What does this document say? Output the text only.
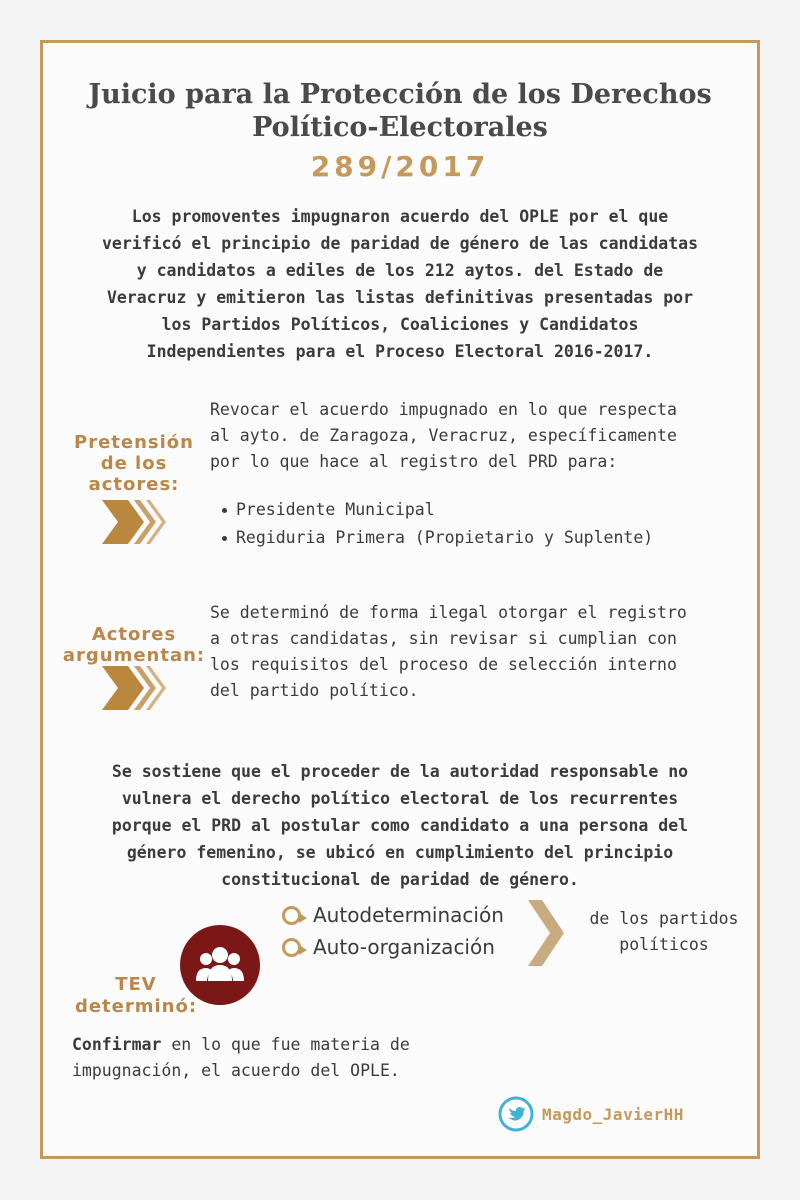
Juicio para la Protección de los Derechos
Político-Electorales
289/2017
Los promoventes impugnaron acuerdo del OPLE por el que
verificó el principio de paridad de género de las candidatas
y candidatos a ediles de los 212 aytos. del Estado de
Veracruz y emitieron las listas definitivas presentadas por
los Partidos Políticos, Coaliciones y Candidatos
Independientes para el Proceso Electoral 2016-2017.
Pretensión
de los
actores:
Revocar el acuerdo impugnado en lo que respecta
al ayto. de Zaragoza, Veracruz, específicamente
por lo que hace al registro del PRD para:
Presidente Municipal
Regiduria Primera (Propietario y Suplente)
Actores
argumentan:
Se determinó de forma ilegal otorgar el registro
a otras candidatas, sin revisar si cumplian con
los requisitos del proceso de selección interno
del partido político.
Se sostiene que el proceder de la autoridad responsable no
vulnera el derecho político electoral de los recurrentes
porque el PRD al postular como candidato a una persona del
género femenino, se ubicó en cumplimiento del principio
constitucional de paridad de género.
Autodeterminación
Auto-organización
de los partidos
políticos
TEV
determinó:
Confirmar en lo que fue materia de
impugnación, el acuerdo del OPLE.
Magdo_JavierHH
